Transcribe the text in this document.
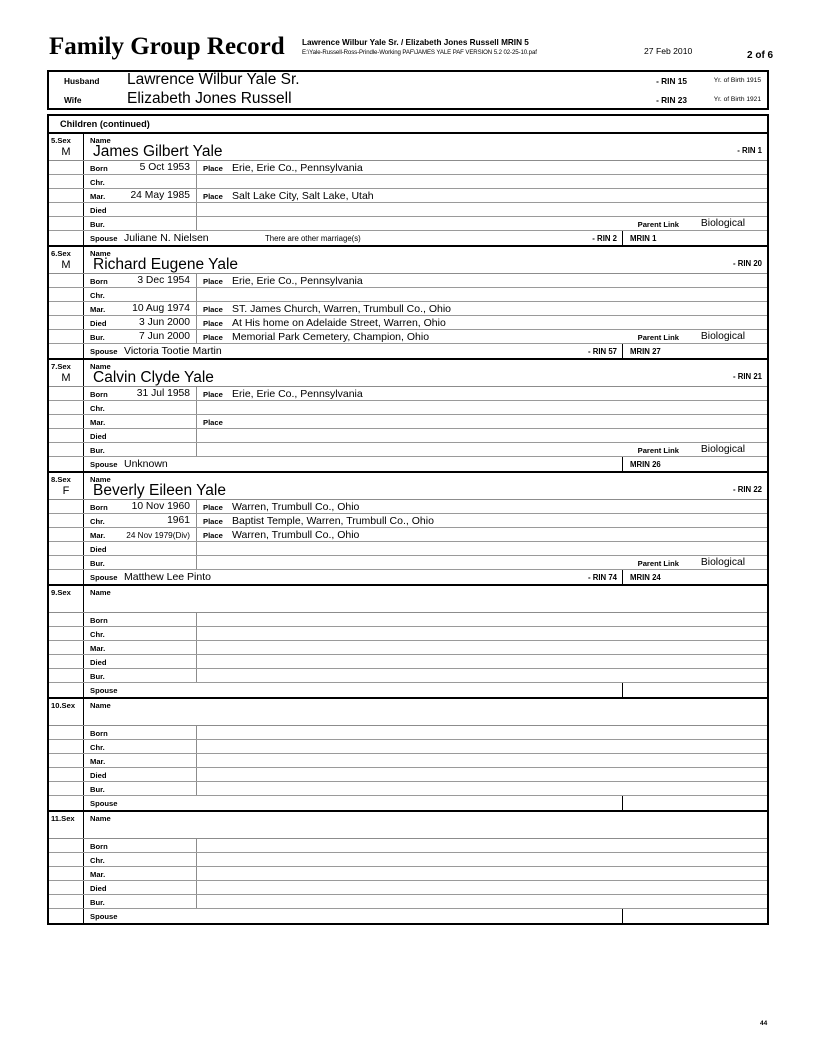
Family Group Record Lawrence Wilbur Yale Sr. / Elizabeth Jones Russell MRIN 5
E:\Yale-Russell-Ross-Prindle-Working PAF\JAMES YALE PAF VERSION 5.2 02-25-10.paf	27 Feb 2010	2 of 6
Husband Lawrence Wilbur Yale Sr.	- RIN 15	Yr. of Birth 1915
Wife	Elizabeth Jones Russell	- RIN 23	Yr. of Birth 1921
Children (continued)
5.Sex
M
Name
James Gilbert Yale	- RIN 1
Born	5 Oct 1953 Place Erie, Erie Co., Pennsylvania
Chr.
Mar. 24 May 1985 Place Salt Lake City, Salt Lake, Utah
Died
Bur.	Parent Link Biological
Spouse Juliane N. Nielsen	There are other marriage(s)	- RIN 2 MRIN 1
6.Sex
M
Name
Richard Eugene Yale	- RIN 20
Born	3 Dec 1954 Place Erie, Erie Co., Pennsylvania
Chr.
Mar.	10 Aug 1974 Place ST. James Church, Warren, Trumbull Co., Ohio
Died	3 Jun 2000 Place At His home on Adelaide Street, Warren, Ohio
Bur.	7 Jun 2000 Place Memorial Park Cemetery, Champion, Ohio	Parent Link Biological
Spouse Victoria Tootie Martin	- RIN 57 MRIN 27
7.Sex
M
Name
Calvin Clyde Yale	- RIN 21
Born	31 Jul 1958 Place Erie, Erie Co., Pennsylvania
Chr.
Mar.	Place
Died
Bur.	Parent Link Biological
Spouse Unknown	MRIN 26
8.Sex
F
Name
Beverly Eileen Yale	- RIN 22
Born 10 Nov 1960 Place Warren, Trumbull Co., Ohio
Chr.	1961 Place Baptist Temple, Warren, Trumbull Co., Ohio
Mar.	24 Nov 1979(Div) Place Warren, Trumbull Co., Ohio
Died
Bur.	Parent Link Biological
Spouse Matthew Lee Pinto	- RIN 74 MRIN 24
9.Sex	Name
Born
Chr.
Mar.
Died
Bur.
Spouse
10.Sex Name
Born
Chr.
Mar.
Died
Bur.
Spouse
11.Sex Name
Born
Chr.
Mar.
Died
Bur.
Spouse
44
